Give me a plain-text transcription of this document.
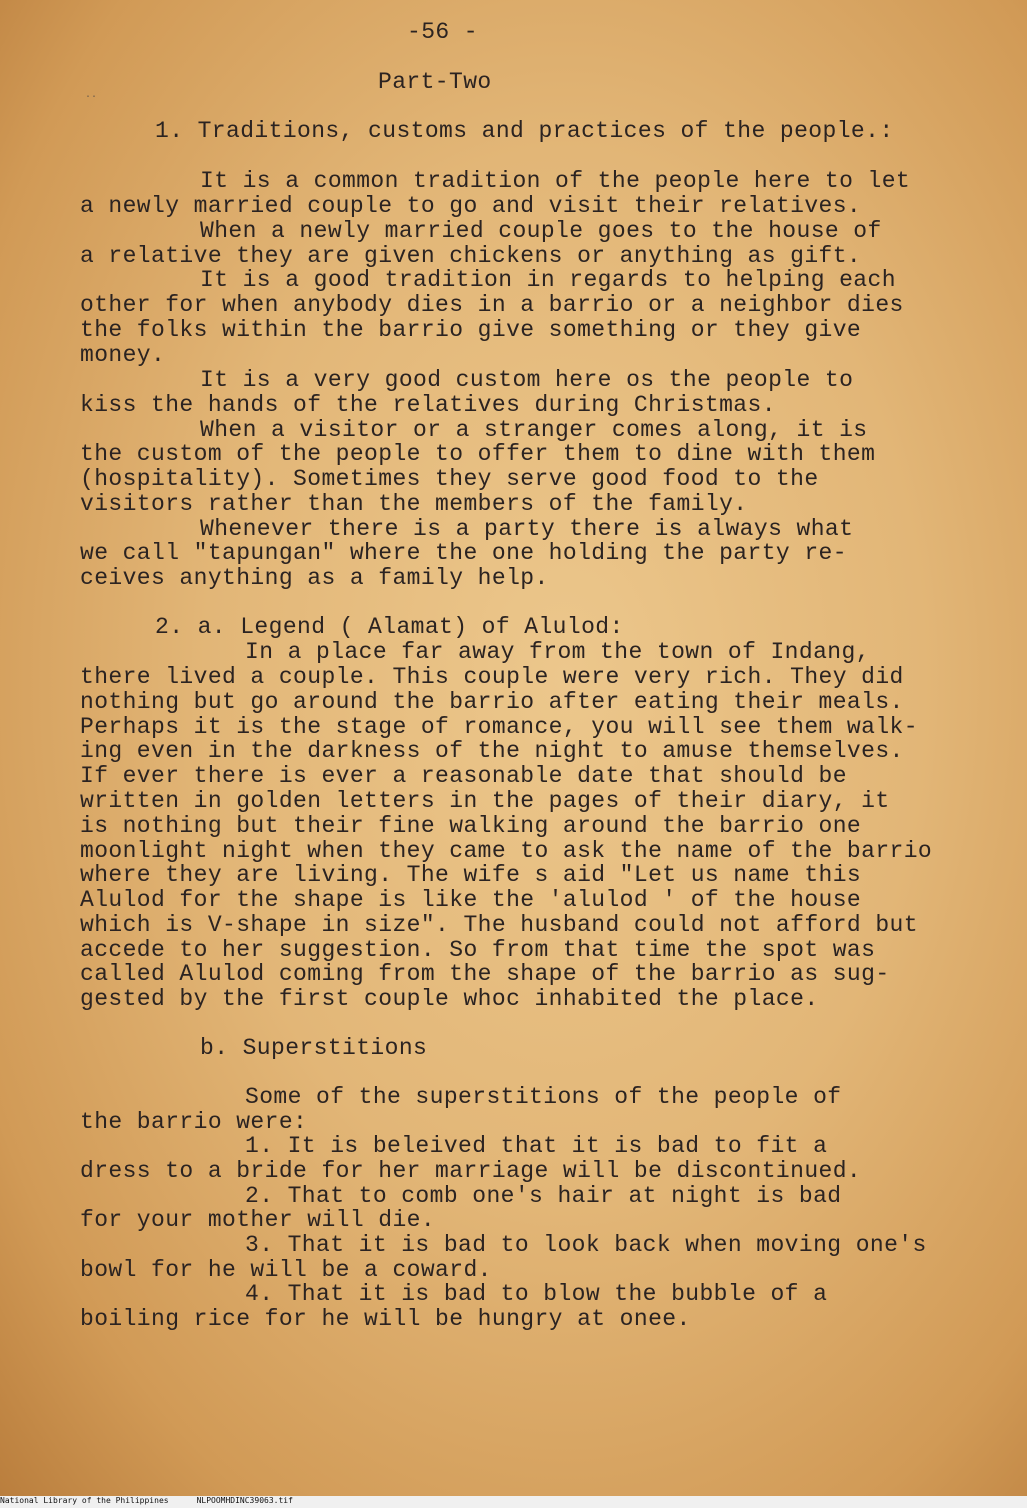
-56 -
Part-Two
··
1. Traditions, customs and practices of the people.:
It is a common tradition of the people here to let
a newly married couple to go and visit their relatives.
When a newly married couple goes to the house of
a relative they are given chickens or anything as gift.
It is a good tradition in regards to helping each
other for when anybody dies in a barrio or a neighbor dies
the folks within the barrio give something or they give
money.
It is a very good custom here os the people to
kiss the hands of the relatives during Christmas.
When a visitor or a stranger comes along, it is
the custom of the people to offer them to dine with them
(hospitality). Sometimes they serve good food to the
visitors rather than the members of the family.
Whenever there is a party there is always what
we call "tapungan" where the one holding the party re-
ceives anything as a family help.
2. a. Legend ( Alamat) of Alulod:
In a place far away from the town of Indang,
there lived a couple. This couple were very rich. They did
nothing but go around the barrio after eating their meals.
Perhaps it is the stage of romance, you will see them walk-
ing even in the darkness of the night to amuse themselves.
If ever there is ever a reasonable date that should be
written in golden letters in the pages of their diary, it
is nothing but their fine walking around the barrio one
moonlight night when they came to ask the name of the barrio
where they are living. The wife s aid "Let us name this
Alulod for the shape is like the 'alulod ' of the house
which is V-shape in size". The husband could not afford but
accede to her suggestion. So from that time the spot was
called Alulod coming from the shape of the barrio as sug-
gested by the first couple whoc inhabited the place.
b. Superstitions
Some of the superstitions of the people of
the barrio were:
1. It is beleived that it is bad to fit a
dress to a bride for her marriage will be discontinued.
2. That to comb one's hair at night is bad
for your mother will die.
3. That it is bad to look back when moving one's
bowl for he will be a coward.
4. That it is bad to blow the bubble of a
boiling rice for he will be hungry at onee.
National Library of the Philippines	NLPOOMHDINC39063.tif
